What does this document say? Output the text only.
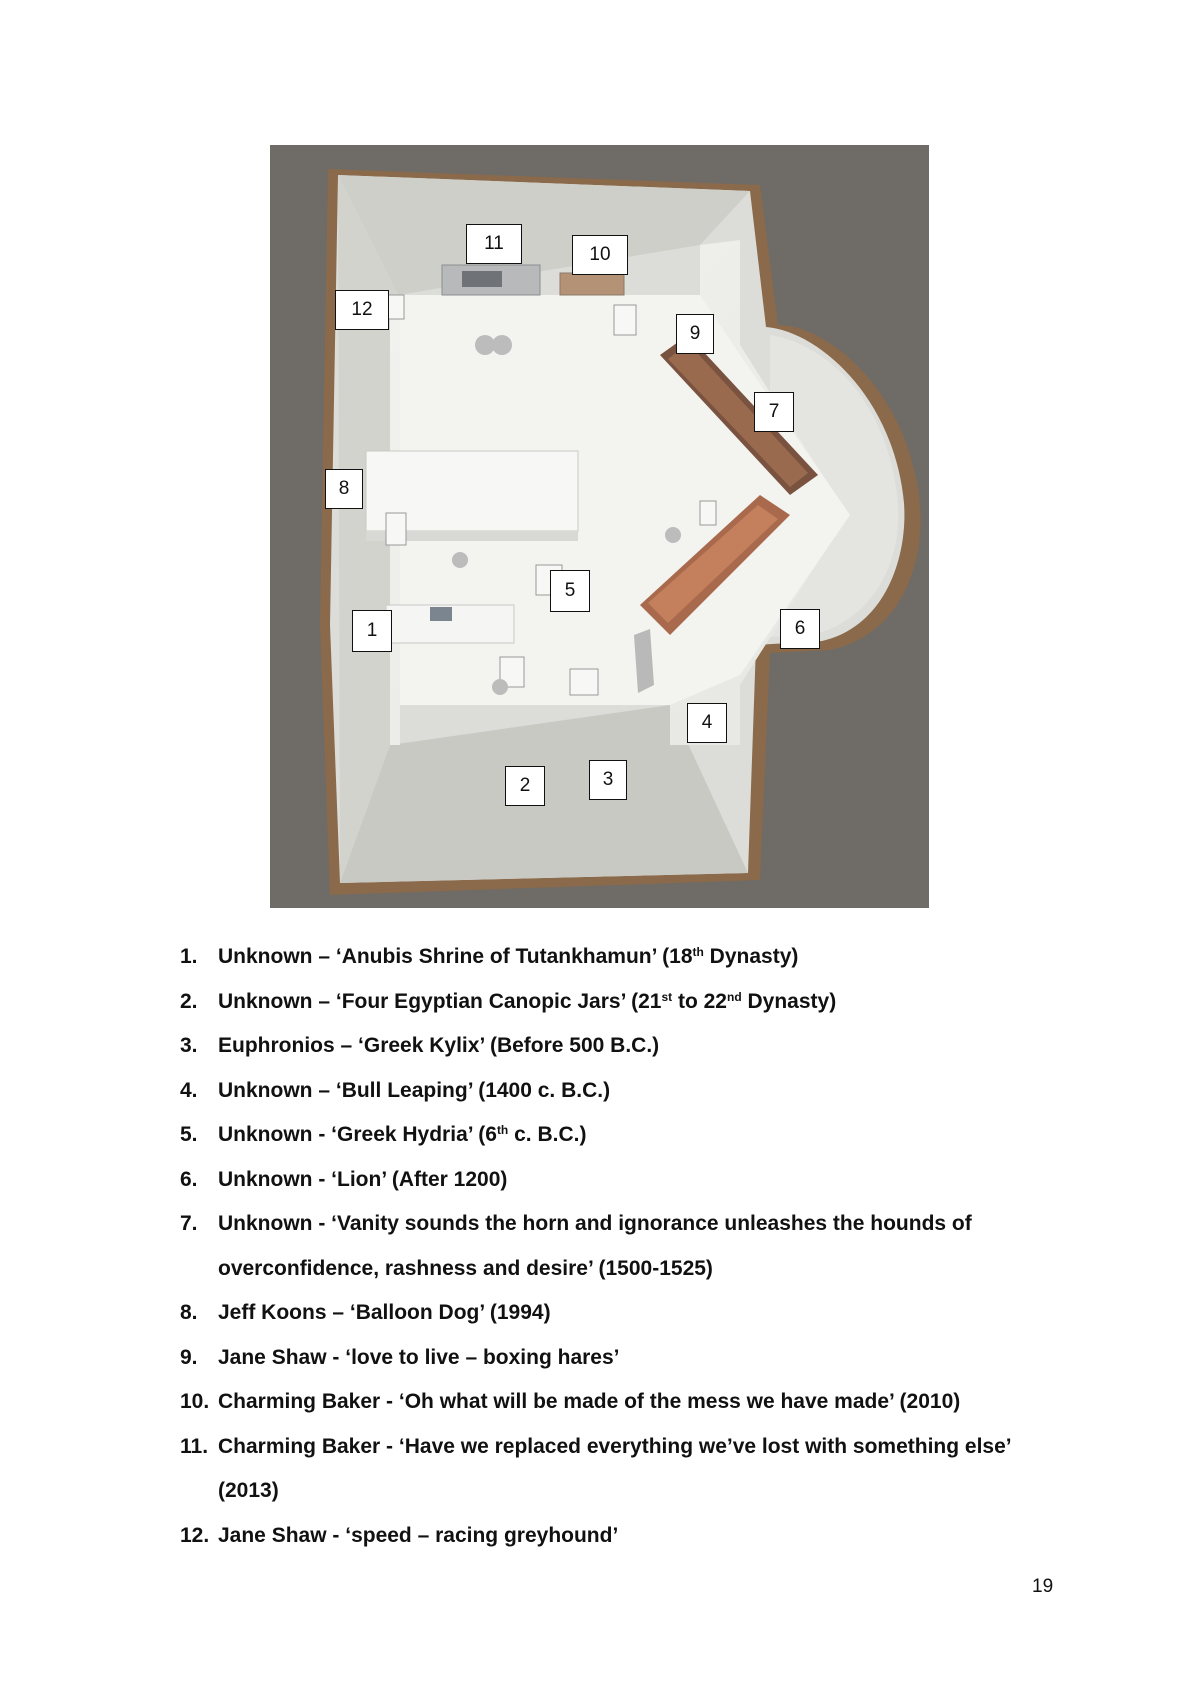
1
2	3
4
5
6
7
8
9
10
11
12
1. Unknown – ‘Anubis Shrine of Tutankhamun’ (18th Dynasty)
2. Unknown – ‘Four Egyptian Canopic Jars’ (21st to 22nd Dynasty)
3. Euphronios – ‘Greek Kylix’ (Before 500 B.C.)
4. Unknown – ‘Bull Leaping’ (1400 c. B.C.)
5. Unknown - ‘Greek Hydria’ (6th c. B.C.)
6. Unknown - ‘Lion’ (After 1200)
7. Unknown - ‘Vanity sounds the horn and ignorance unleashes the hounds of
overconfidence, rashness and desire’ (1500-1525)
8. Jeff Koons – ‘Balloon Dog’ (1994)
9. Jane Shaw - ‘love to live – boxing hares’
10. Charming Baker - ‘Oh what will be made of the mess we have made’ (2010)
11. Charming Baker - ‘Have we replaced everything we’ve lost with something else’
(2013)
12. Jane Shaw - ‘speed – racing greyhound’
19
